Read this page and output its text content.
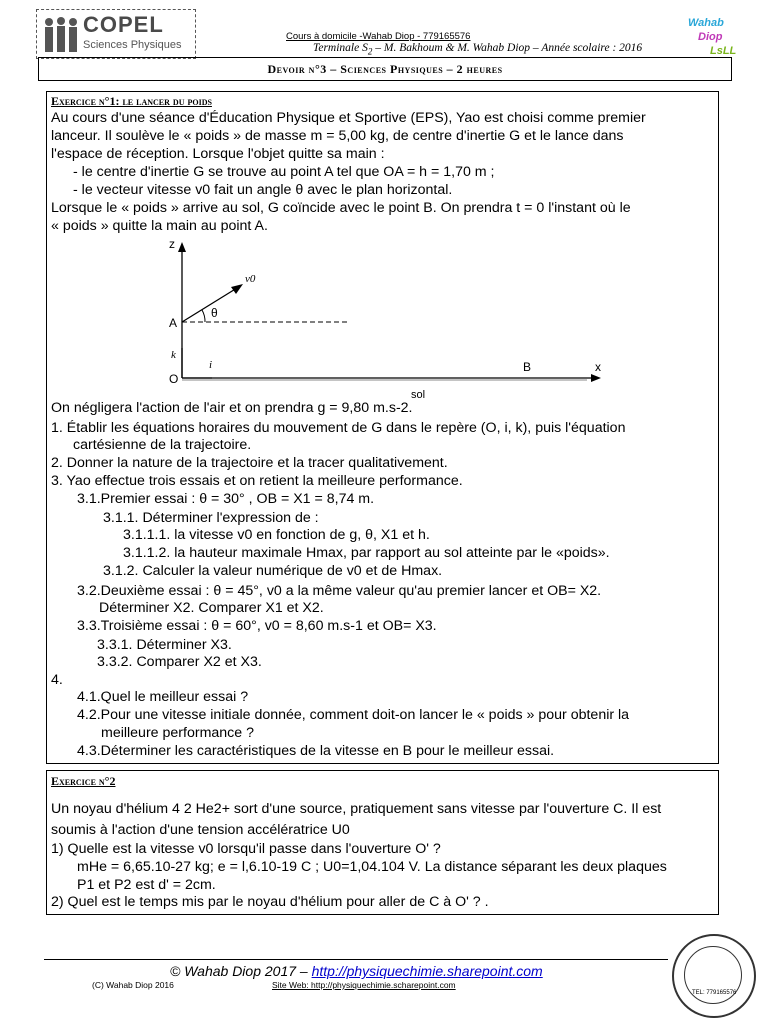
COPEL
Sciences Physiques
Cours à domicile -Wahab Diop - 779165576
Terminale $S_2$ – M. Bakhoum & M. Wahab Diop – Année scolaire : 2016
Wahab
Diop
LsLL
Devoir n°3 – Sciences Physiques – 2 heures
Exercice n°1: le lancer du poids
Au cours d'une séance d'Éducation Physique et Sportive (EPS), Yao est choisi comme premier
lanceur. Il soulève le « poids » de masse m = 5,00 kg, de centre d'inertie G et le lance dans
l'espace de réception. Lorsque l'objet quitte sa main :
- le centre d'inertie G se trouve au point A tel que OA = h = 1,70 m ;
- le vecteur vitesse v0 fait un angle θ avec le plan horizontal.
Lorsque le « poids » arrive au sol, G coïncide avec le point B. On prendra t = 0 l'instant où le
« poids » quitte la main au point A.
z
v0
θ
A
k
O
i	B	x
sol
On négligera l'action de l'air et on prendra g = 9,80 m.s-2.
1. Établir les équations horaires du mouvement de G dans le repère (O, i, k), puis l'équation
cartésienne de la trajectoire.
2. Donner la nature de la trajectoire et la tracer qualitativement.
3. Yao effectue trois essais et on retient la meilleure performance.
3.1.Premier essai : θ = 30° , OB = X1 = 8,74 m.
3.1.1. Déterminer l'expression de :
3.1.1.1. la vitesse v0 en fonction de g, θ, X1 et h.
3.1.1.2. la hauteur maximale Hmax, par rapport au sol atteinte par le «poids».
3.1.2. Calculer la valeur numérique de v0 et de Hmax.
3.2.Deuxième essai : θ = 45°, v0 a la même valeur qu'au premier lancer et OB= X2.
Déterminer X2. Comparer X1 et X2.
3.3.Troisième essai : θ = 60°, v0 = 8,60 m.s-1 et OB= X3.
3.3.1. Déterminer X3.
3.3.2. Comparer X2 et X3.
4.
4.1.Quel le meilleur essai ?
4.2.Pour une vitesse initiale donnée, comment doit-on lancer le « poids » pour obtenir la
meilleure performance ?
4.3.Déterminer les caractéristiques de la vitesse en B pour le meilleur essai.
Exercice n°2
Un noyau d'hélium 4 2 He2+ sort d'une source, pratiquement sans vitesse par l'ouverture C. Il est
soumis à l'action d'une tension accélératrice U0
1) Quelle est la vitesse v0 lorsqu'il passe dans l'ouverture O' ?
mHe = 6,65.10-27 kg; e = l,6.10-19 C ; U0=1,04.104 V. La distance séparant les deux plaques
P1 et P2 est d' = 2cm.
2) Quel est le temps mis par le noyau d'hélium pour aller de C à O' ? .
© Wahab Diop 2017 – http://physiquechimie.sharepoint.com
(C) Wahab Diop 2016	Site Web: http://physiquechimie.scharepoint.com
TEL: 779165576
